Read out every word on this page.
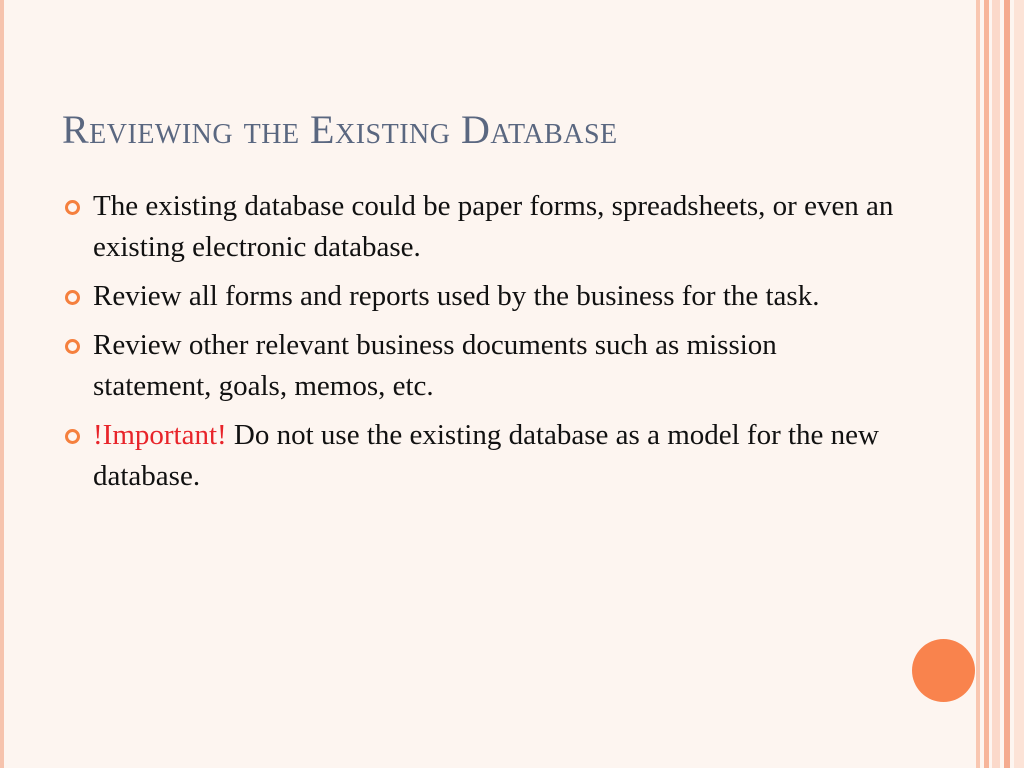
Reviewing the Existing Database
The existing database could be paper forms, spreadsheets, or even an existing electronic database.
Review all forms and reports used by the business for the task.
Review other relevant business documents such as mission statement, goals, memos, etc.
!Important! Do not use the existing database as a model for the new database.
